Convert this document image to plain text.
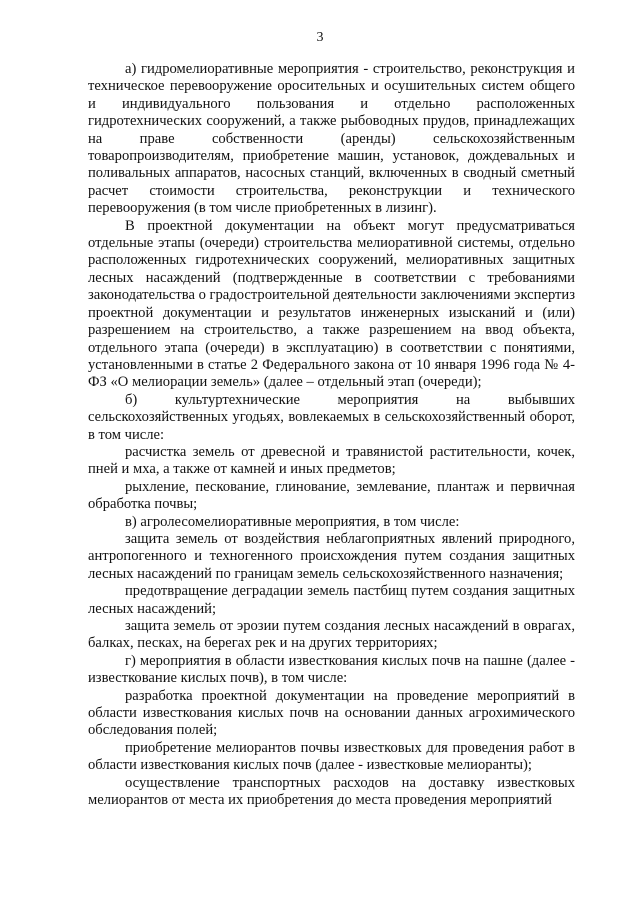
3

а) гидромелиоративные мероприятия - строительство, реконструкция и техническое перевооружение оросительных и осушительных систем общего и индивидуального пользования и отдельно расположенных гидротехнических сооружений, а также рыбоводных прудов, принадлежащих на праве собственности (аренды) сельскохозяйственным товаропроизводителям, приобретение машин, установок, дождевальных и поливальных аппаратов, насосных станций, включенных в сводный сметный расчет стоимости строительства, реконструкции и технического перевооружения (в том числе приобретенных в лизинг).

В проектной документации на объект могут предусматриваться отдельные этапы (очереди) строительства мелиоративной системы, отдельно расположенных гидротехнических сооружений, мелиоративных защитных лесных насаждений (подтвержденные в соответствии с требованиями законодательства о градостроительной деятельности заключениями экспертиз проектной документации и результатов инженерных изысканий и (или) разрешением на строительство, а также разрешением на ввод объекта, отдельного этапа (очереди) в эксплуатацию) в соответствии с понятиями, установленными в статье 2 Федерального закона от 10 января 1996 года № 4-ФЗ «О мелиорации земель» (далее – отдельный этап (очереди);

б) культуртехнические мероприятия на выбывших сельскохозяйственных угодьях, вовлекаемых в сельскохозяйственный оборот, в том числе:

расчистка земель от древесной и травянистой растительности, кочек, пней и мха, а также от камней и иных предметов;

рыхление, пескование, глинование, землевание, плантаж и первичная обработка почвы;

в) агролесомелиоративные мероприятия, в том числе:

защита земель от воздействия неблагоприятных явлений природного, антропогенного и техногенного происхождения путем создания защитных лесных насаждений по границам земель сельскохозяйственного назначения;

предотвращение деградации земель пастбищ путем создания защитных лесных насаждений;

защита земель от эрозии путем создания лесных насаждений в оврагах, балках, песках, на берегах рек и на других территориях;

г) мероприятия в области известкования кислых почв на пашне (далее - известкование кислых почв), в том числе:

разработка проектной документации на проведение мероприятий в области известкования кислых почв на основании данных агрохимического обследования полей;

приобретение мелиорантов почвы известковых для проведения работ в области известкования кислых почв (далее - известковые мелиоранты);

осуществление транспортных расходов на доставку известковых мелиорантов от места их приобретения до места проведения мероприятий
